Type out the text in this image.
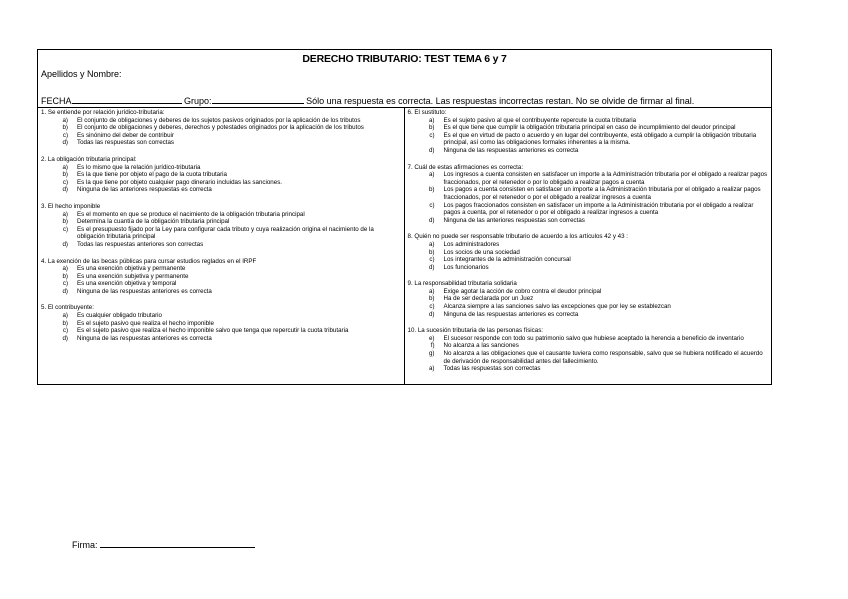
DERECHO TRIBUTARIO: TEST TEMA 6 y 7
Apellidos y Nombre:
FECHA	Grupo:	Sólo una respuesta es correcta. Las respuestas incorrectas restan. No se olvide de firmar al final.
1. Se entiende por relación jurídico-tributaria:
a)	El conjunto de obligaciones y deberes de los sujetos pasivos originados por la aplicación de los tributos
b)	El conjunto de obligaciones y deberes, derechos y potestades originados por la aplicación de los tributos
c)	Es sinónimo del deber de contribuir
d)	Todas las respuestas son correctas
2. La obligación tributaria principal:
a)	Es lo mismo que la relación jurídico-tributaria
b)	Es la que tiene por objeto el pago de la cuota tributaria
c)	Es la que tiene por objeto cualquier pago dinerario incluidas las sanciones.
d)	Ninguna de las anteriores respuestas es correcta
3. El hecho imponible
a)	Es el momento en que se produce el nacimiento de la obligación tributaria principal
b)	Determina la cuantía de la obligación tributaria principal
c)	Es el presupuesto fijado por la Ley para configurar cada tributo y cuya realización origina el nacimiento de la obligación tributaria principal
d)	Todas las respuestas anteriores son correctas
4. La exención de las becas públicas para cursar estudios reglados en el IRPF
a)	Es una exención objetiva y permanente
b)	Es una exención subjetiva y permanente
c)	Es una exención objetiva y temporal
d)	Ninguna de las respuestas anteriores es correcta
5. El contribuyente:
a)	Es cualquier obligado tributario
b)	Es el sujeto pasivo que realiza el hecho imponible
c)	Es el sujeto pasivo que realiza el hecho imponible salvo que tenga que repercutir la cuota tributaria
d)	Ninguna de las respuestas anteriores es correcta
6. El sustituto:
a)	Es el sujeto pasivo al que el contribuyente repercute la cuota tributaria
b)	Es el que tiene que cumplir la obligación tributaria principal en caso de incumplimiento del deudor principal
c)	Es el que en virtud de pacto o acuerdo y en lugar del contribuyente, está obligado a cumplir la obligación tributaria principal, así como las obligaciones formales inherentes a la misma.
d)	Ninguna de las respuestas anteriores es correcta
7. Cuál de estas afirmaciones es correcta:
a)	Los ingresos a cuenta consisten en satisfacer un importe a la Administración tributaria por el obligado a realizar pagos fraccionados, por el retenedor o por lo obligado a realizar pagos a cuenta
b)	Los pagos a cuenta consisten en satisfacer un importe a la Administración tributaria por el obligado a realizar pagos fraccionados, por el retenedor o por el obligado a realizar ingresos a cuenta
c)	Los pagos fraccionados consisten en satisfacer un importe a la Administración tributaria por el obligado a realizar pagos a cuenta, por el retenedor o por el obligado a realizar ingresos a cuenta
d)	Ninguna de las anteriores respuestas son correctas
8. Quién no puede ser responsable tributario de acuerdo a los artículos 42 y 43 :
a)	Los administradores
b)	Los socios de una sociedad
c)	Los integrantes de la administración concursal
d)	Los funcionarios
9. La responsabilidad tributaria solidaria
a)	Exige agotar la acción de cobro contra el deudor principal
b)	Ha de ser declarada por un Juez
c)	Alcanza siempre a las sanciones salvo las excepciones que por ley se establezcan
d)	Ninguna de las respuestas anteriores es correcta
10. La sucesión tributaria de las personas físicas:
e)	El sucesor responde con todo su patrimonio salvo que hubiese aceptado la herencia a beneficio de inventario
f)	No alcanza a las sanciones
g)	No alcanza a las obligaciones que el causante tuviera como responsable, salvo que se hubiera notificado el acuerdo de derivación de responsabilidad antes del fallecimiento.
a)	Todas las respuestas son correctas
Firma:
